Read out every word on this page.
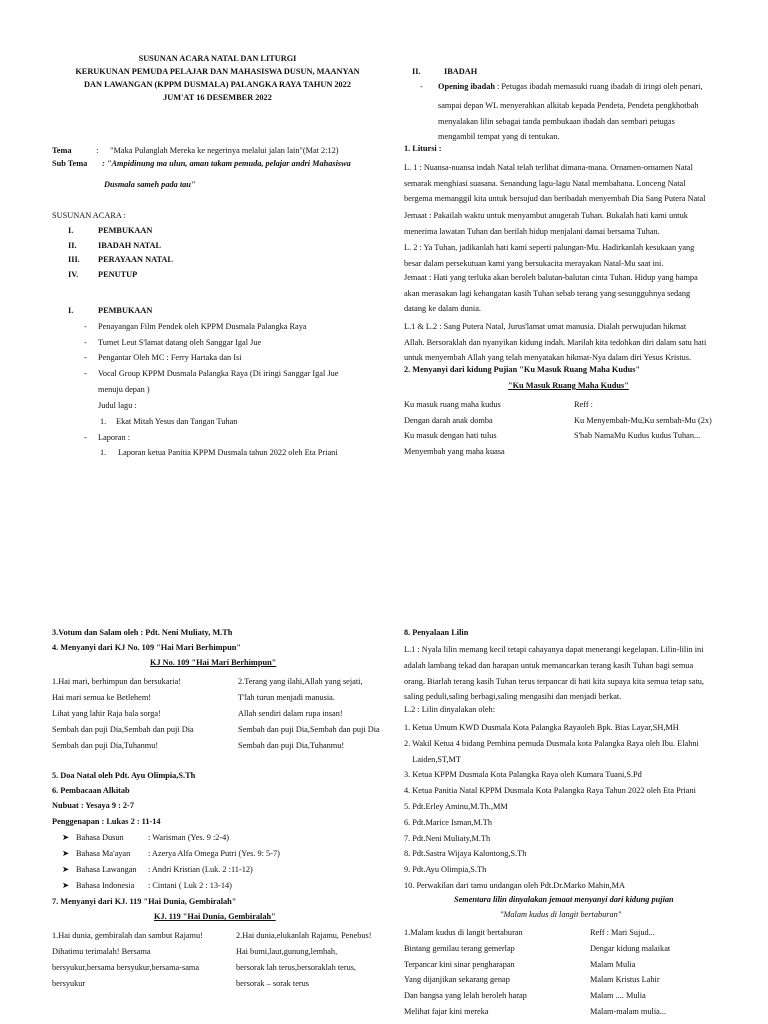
SUSUNAN ACARA NATAL DAN LITURGI
KERUKUNAN PEMUDA PELAJAR DAN MAHASISWA DUSUN, MAANYAN
DAN LAWANGAN (KPPM DUSMALA) PALANGKA RAYA TAHUN 2022
JUM'AT 16 DESEMBER 2022
Tema	: "Maka Pulanglah Mereka ke negerinya melalui jalan lain"(Mat 2:12)
Sub Tema : "Ampidinung ma ulun, aman takam pemuda, pelajar andri Mahasiswa
Dusmala sameh pada tau"
SUSUNAN ACARA :
I.	PEMBUKAAN
II.	IBADAH NATAL
III. PERAYAAN NATAL
IV. PENUTUP
I.	PEMBUKAAN
- Penayangan Film Pendek oleh KPPM Dusmala Palangka Raya
- Tumet Leut S'lamat datang oleh Sanggar Igal Jue
- Pengantar Oleh MC : Ferry Hartaka dan Isi
- Vocal Group KPPM Dusmala Palangka Raya (Di iringi Sanggar Igal Jue
menuju depan )
Judul lagu :
1. Ekat Mitah Yesus dan Tangan Tuhan
- Laporan :
1. Laporan ketua Panitia KPPM Dusmala tahun 2022 oleh Eta Priani
II.	IBADAH
- Opening ibadah : Petugas ibadah memasuki ruang ibadah di iringi oleh penari,
sampai depan WL menyerahkan alkitab kepada Pendeta, Pendeta pengkhotbah
menyalakan lilin sebagai tanda pembukaan ibadah dan sembari petugas
mengambil tempat yang di tentukan.
1. Litursi :
L. 1 : Nuansa-nuansa indah Natal telah terlihat dimana-mana. Ornamen-ornamen Natal
semarak menghiasi suasana. Senandung lagu-lagu Natal membahana. Lonceng Natal
bergema memanggil kita untuk bersujud dan beribadah menyembah Dia Sang Putera Natal
Jemaat : Pakailah waktu untuk menyambut anugerah Tuhan. Bukalah hati kami untuk
menerima lawatan Tuhan dan berilah hidup menjalani damai bersama Tuhan.
L. 2 : Ya Tuhan, jadikanlah hati kami seperti palungan-Mu. Hadirkanlah kesukaan yang
besar dalam persekutuan kami yang bersukacita merayakan Natal-Mu saat ini.
Jemaat : Hati yang terluka akan beroleh balutan-balutan cinta Tuhan. Hidup yang hampa
akan merasakan lagi kehangatan kasih Tuhan sebab terang yang sesungguhnya sedang
datang ke dalam dunia.
L.1 & L.2 : Sang Putera Natal, Jurus'lamat umat manusia. Dialah perwujudan hikmat
Allah. Bersoraklah dan nyanyikan kidung indah. Marilah kita tedohkan diri dalam satu hati
untuk menyembah Allah yang telah menyatakan hikmat-Nya dalam diri Yesus Kristus.
2. Menyanyi dari kidung Pujian "Ku Masuk Ruang Maha Kudus"
"Ku Masuk Ruang Maha Kudus"
Ku masuk ruang maha kudus
Dengan darah anak domba
Ku masuk dengan hati tulus
Menyembah yang maha kuasa
Reff :
Ku Menyembah-Mu,Ku sembah-Mu (2x)
S'bab NamaMu Kudus kudus Tuhan...
3.Votum dan Salam oleh : Pdt. Neni Muliaty, M.Th
4. Menyanyi dari KJ No. 109 "Hai Mari Berhimpun"
KJ No. 109 "Hai Mari Berhimpun"
1.Hai mari, berhimpun dan bersukaria!
Hai mari semua ke Betlehem!
Lihat yang lahir Raja bala sorga!
Sembah dan puji Dia,Sembah dan puji Dia
Sembah dan puji Dia,Tuhanmu!
2.Terang yang ilahi,Allah yang sejati,
T'lah turun menjadi manusia.
Allah sendiri dalam rupa insan!
Sembah dan puji Dia,Sembah dan puji Dia
Sembah dan puji Dia,Tuhanmu!
5. Doa Natal oleh Pdt. Ayu Olimpia,S.Th
6. Pembacaan Alkitab
Nubuat : Yesaya 9 : 2-7
Penggenapan : Lukas 2 : 11-14
➤ Bahasa Dusun	: Warisman (Yes. 9 :2-4)
➤ Bahasa Ma'ayan : Azerya Alfa Omega Putri (Yes. 9: 5-7)
➤ Bahasa Lawangan : Andri Kristian (Luk. 2 :11-12)
➤ Bahasa Indonesia : Cintani ( Luk 2 : 13-14)
7. Menyanyi dari KJ. 119 "Hai Dunia, Gembiralah"
KJ. 119 "Hai Dunia, Gembiralah"
1.Hai dunia, gembiralah dan sambut Rajamu!
Dihatimu terimalah! Bersama
bersyukur,bersama bersyukur,bersama-sama
bersyukur
2.Hai dunia,elukanlah Rajamu, Penebus!
Hai bumi,laut,gunung,lembah,
bersorak lah terus,bersoraklah terus,
bersorak – sorak terus
8. Penyalaan Lilin
L.1 : Nyala lilin memang kecil tetapi cahayanya dapat menerangi kegelapan. Lilin-lilin ini
adalah lambang tekad dan harapan untuk memancarkan terang kasih Tuhan bagi semua
orang. Biarlah terang kasih Tuhan terus terpancar di hati kita supaya kita semua tetap satu,
saling peduli,saling berbagi,saling mengasihi dan menjadi berkat.
L.2 : Lilin dinyalakan oleh:
1. Ketua Umum KWD Dusmala Kota Palangka Rayaoleh Bpk. Bias Layar,SH,MH
2. Wakil Ketua 4 bidang Pembina pemuda Dusmala kota Palangka Raya oleh Ibu. Elahni
Laiden,ST,MT
3. Ketua KPPM Dusmala Kota Palangka Raya oleh Kumara Tuani,S.Pd
4. Ketua Panitia Natal KPPM Dusmala Kota Palangka Raya Tahun 2022 oleh Eta Priani
5. Pdt.Erley Aminu,M.Th.,MM
6. Pdt.Marice Isman,M.Th
7. Pdt.Neni Muliaty,M.Th
8. Pdt.Sastra Wijaya Kalontong,S.Th
9. Pdt.Ayu Olimpia,S.Th
10. Perwakilan dari tamu undangan oleh Pdt.Dr.Marko Mahin,MA
Sementara lilin dinyalakan jemaat menyanyi dari kidung pujian
"Malam kudus di langit bertaburan"
1.Malam kudus di langit bertaburan
Bintang gemilau terang gemerlap
Terpancar kini sinar pengharapan
Yang dijanjikan sekarang genap
Dan bangsa yang lelah beroleh harap
Melihat fajar kini mereka
Reff : Mari Sujud...
Dengar kidung malaikat
Malam Mulia
Malam Kristus Lahir
Malam .... Mulia
Malam-malam mulia...
